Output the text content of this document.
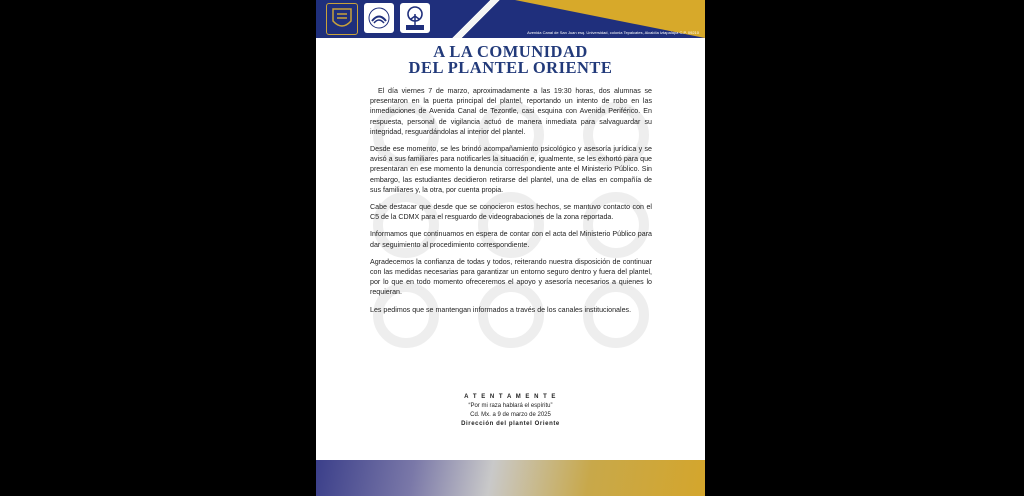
Avenida Canal de San Juan esq. Universidad, colonia Tepalcates, Alcaldía Iztapalapa C.P. 09210
A LA COMUNIDAD
DEL PLANTEL ORIENTE

El día viernes 7 de marzo, aproximadamente a las 19:30 horas, dos alumnas se presentaron en la puerta principal del plantel, reportando un intento de robo en las inmediaciones de Avenida Canal de Tezontle, casi esquina con Avenida Periférico. En respuesta, personal de vigilancia actuó de manera inmediata para salvaguardar su integridad, resguardándolas al interior del plantel.

Desde ese momento, se les brindó acompañamiento psicológico y asesoría jurídica y se avisó a sus familiares para notificarles la situación e, igualmente, se les exhortó para que presentaran en ese momento la denuncia correspondiente ante el Ministerio Público. Sin embargo, las estudiantes decidieron retirarse del plantel, una de ellas en compañía de sus familiares y, la otra, por cuenta propia.

Cabe destacar que desde que se conocieron estos hechos, se mantuvo contacto con el C5 de la CDMX para el resguardo de videograbaciones de la zona reportada.

Informamos que continuamos en espera de contar con el acta del Ministerio Público para dar seguimiento al procedimiento correspondiente.

Agradecemos la confianza de todas y todos, reiterando nuestra disposición de continuar con las medidas necesarias para garantizar un entorno seguro dentro y fuera del plantel, por lo que en todo momento ofreceremos el apoyo y asesoría necesarios a quienes lo requieran.

Les pedimos que se mantengan informados a través de los canales institucionales.

A T E N T A M E N T E
“Por mi raza hablará el espíritu”
Cd. Mx. a 9 de marzo de 2025
Dirección del plantel Oriente
